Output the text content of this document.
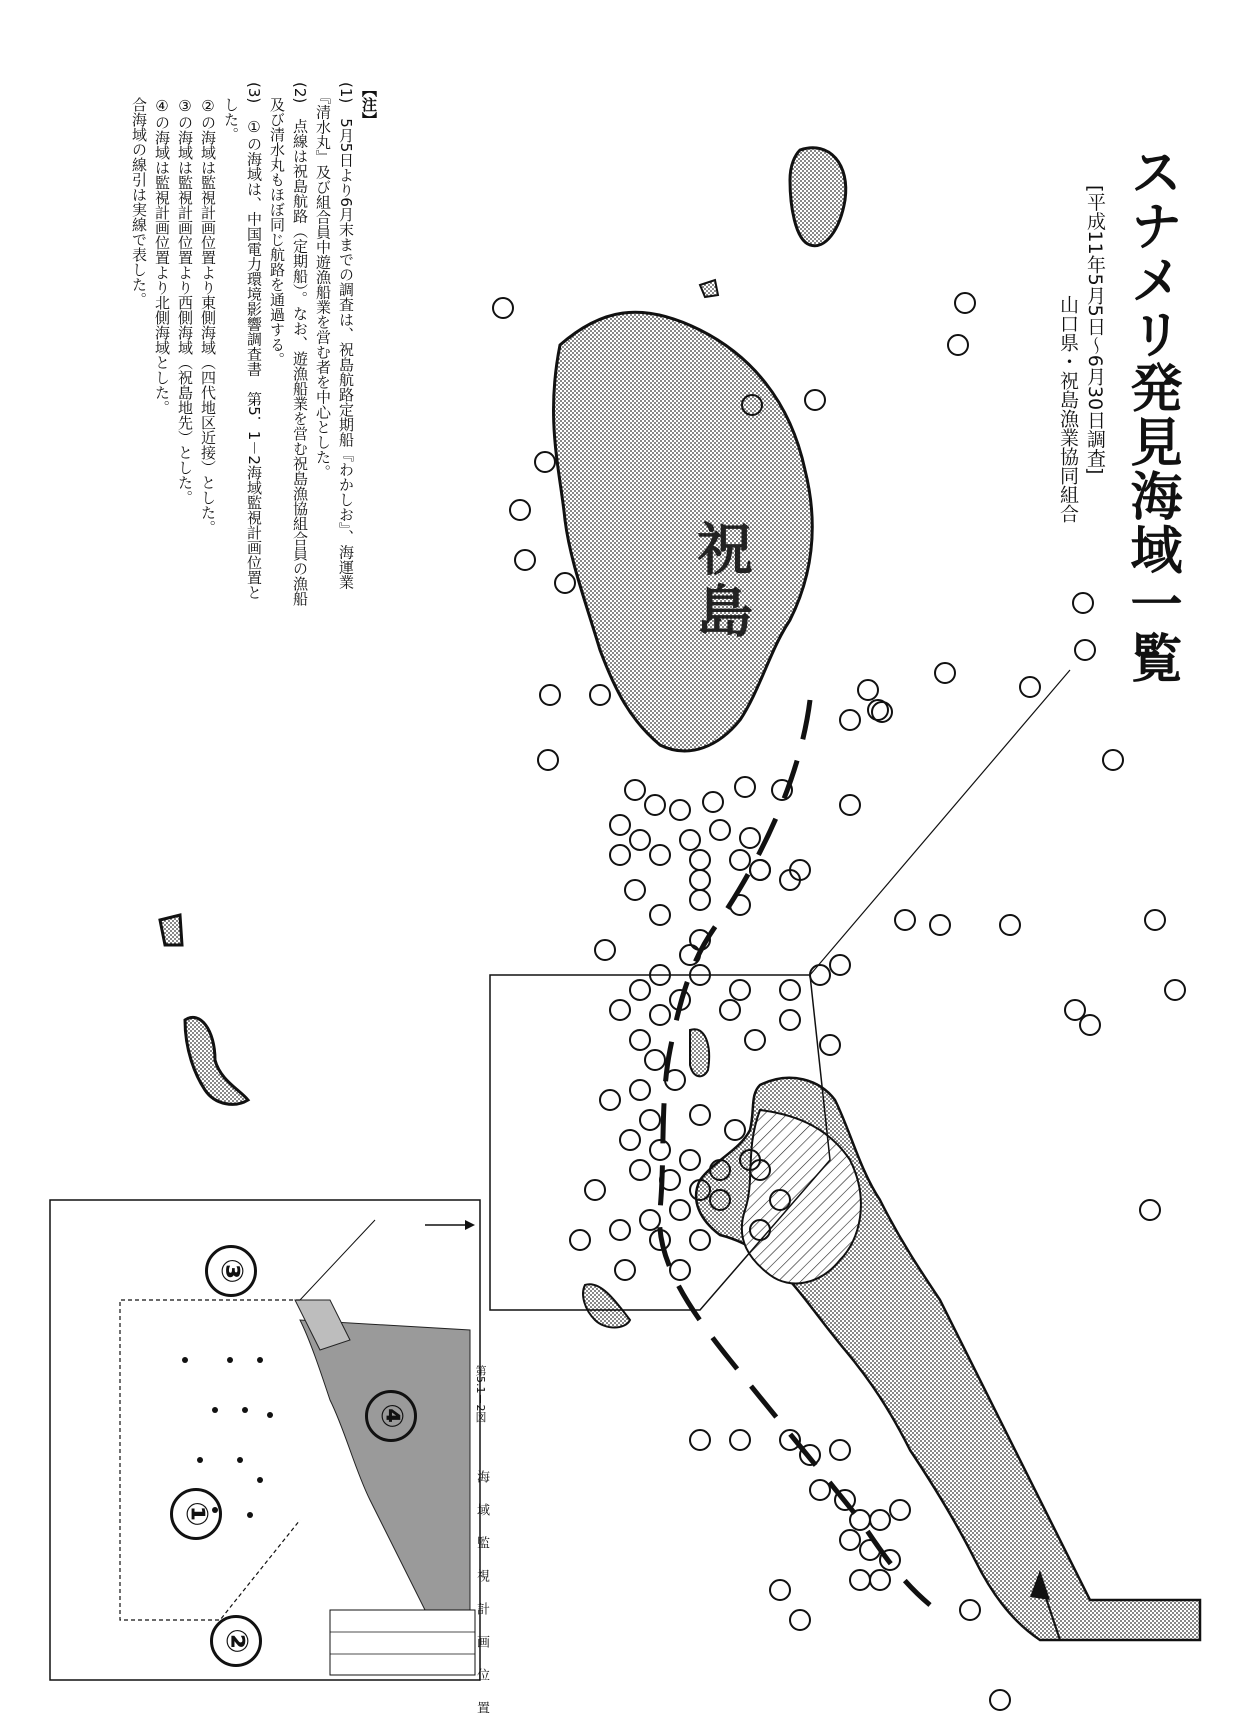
スナメリ発見海域一覧
[平成11年5月5日～6月30日調査]
山口県・祝島漁業協同組合
祝島
【注】
(1)　5月5日より6月末までの調査は、祝島航路定期船『わかしお』、海運業
　『清水丸』及び組合員中遊漁船業を営む者を中心とした。
(2)　点線は祝島航路（定期船）。なお、遊漁船業を営む祝島漁協組合員の漁船
　及び清水丸もほぼ同じ航路を通過する。
(3)　①の海域は、中国電力環境影響調査書　第5．1－2海域監視計画位置と
　した。
　②の海域は監視計画位置より東側海域（四代地区近接）とした。
　③の海域は監視計画位置より西側海域（祝島地先）とした。
　④の海域は監視計画位置より北側海域とした。
　合海域の線引は実線で表した。
③
④
①
②
第5.1－2図
海域監視計画位置
